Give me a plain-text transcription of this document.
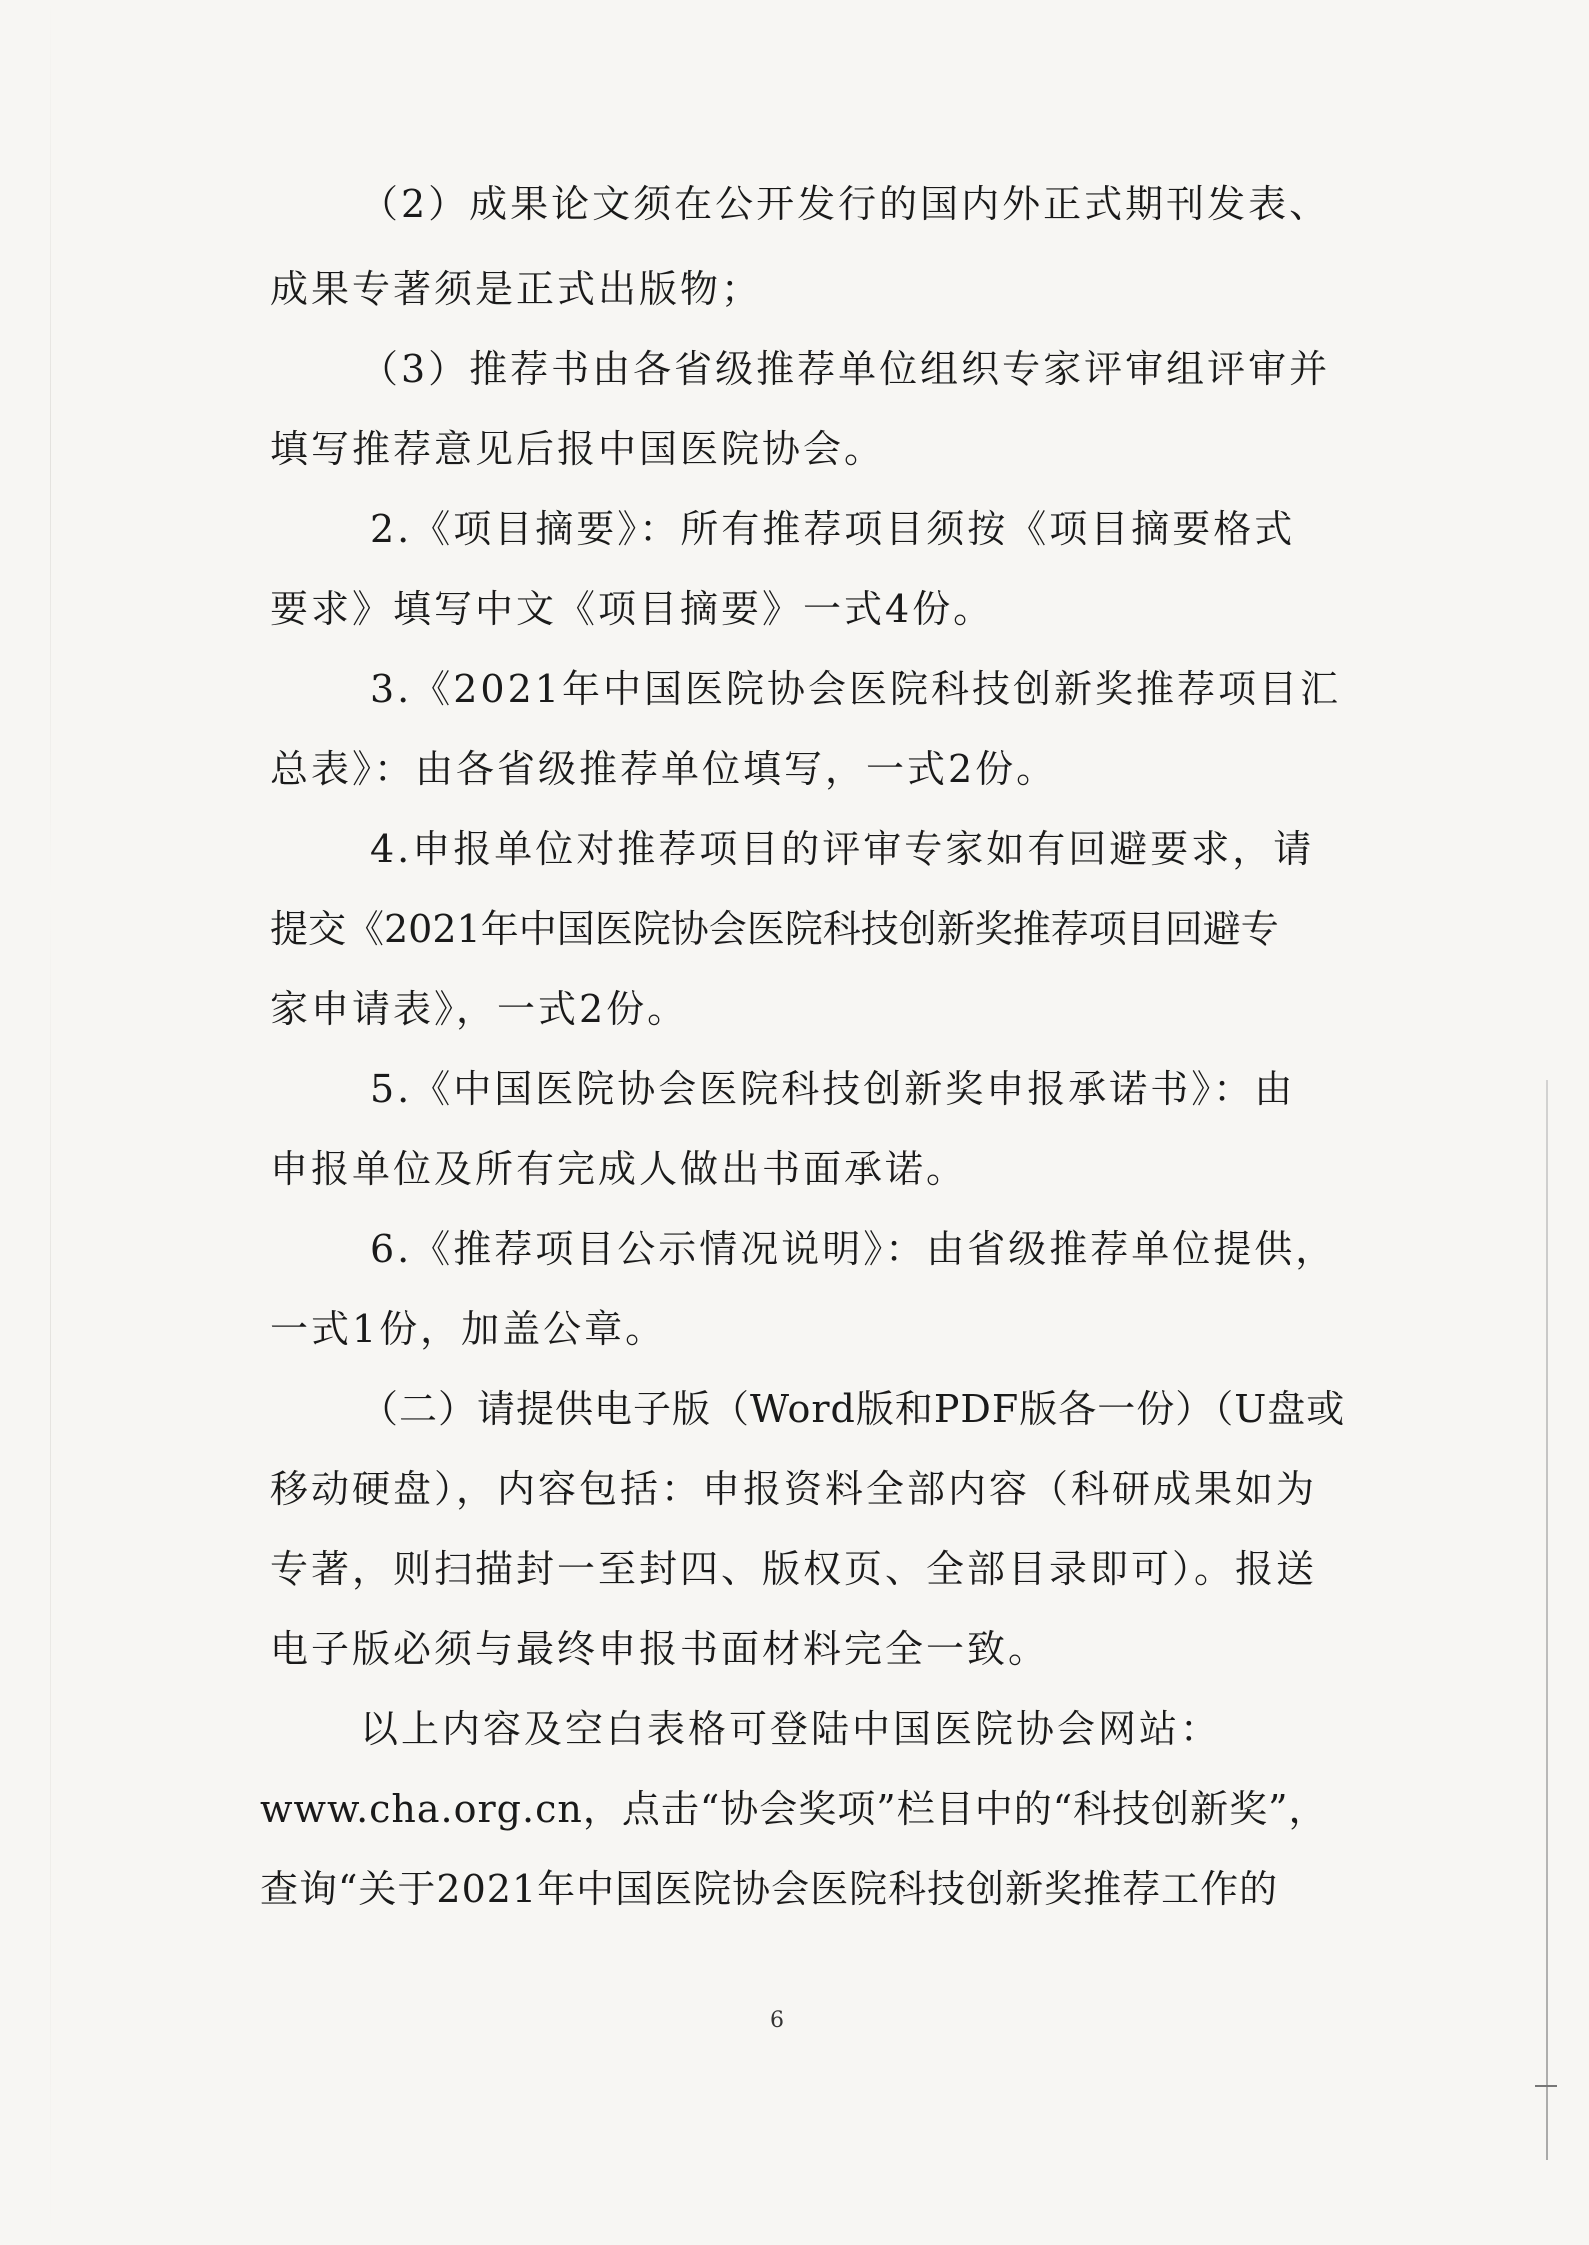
（2）成果论文须在公开发行的国内外正式期刊发表、
成果专著须是正式出版物；
（3）推荐书由各省级推荐单位组织专家评审组评审并
填写推荐意见后报中国医院协会。
2.《项目摘要》：所有推荐项目须按《项目摘要格式
要求》填写中文《项目摘要》一式4份。
3.《2021年中国医院协会医院科技创新奖推荐项目汇
总表》：由各省级推荐单位填写，一式2份。
4.申报单位对推荐项目的评审专家如有回避要求，请
提交《2021年中国医院协会医院科技创新奖推荐项目回避专
家申请表》，一式2份。
5.《中国医院协会医院科技创新奖申报承诺书》：由
申报单位及所有完成人做出书面承诺。
6.《推荐项目公示情况说明》：由省级推荐单位提供，
一式1份，加盖公章。
（二）请提供电子版（Word版和PDF版各一份）（U盘或
移动硬盘），内容包括：申报资料全部内容（科研成果如为
专著，则扫描封一至封四、版权页、全部目录即可）。报送
电子版必须与最终申报书面材料完全一致。
以上内容及空白表格可登陆中国医院协会网站：
www.cha.org.cn，点击“协会奖项”栏目中的“科技创新奖”，
查询“关于2021年中国医院协会医院科技创新奖推荐工作的
6
